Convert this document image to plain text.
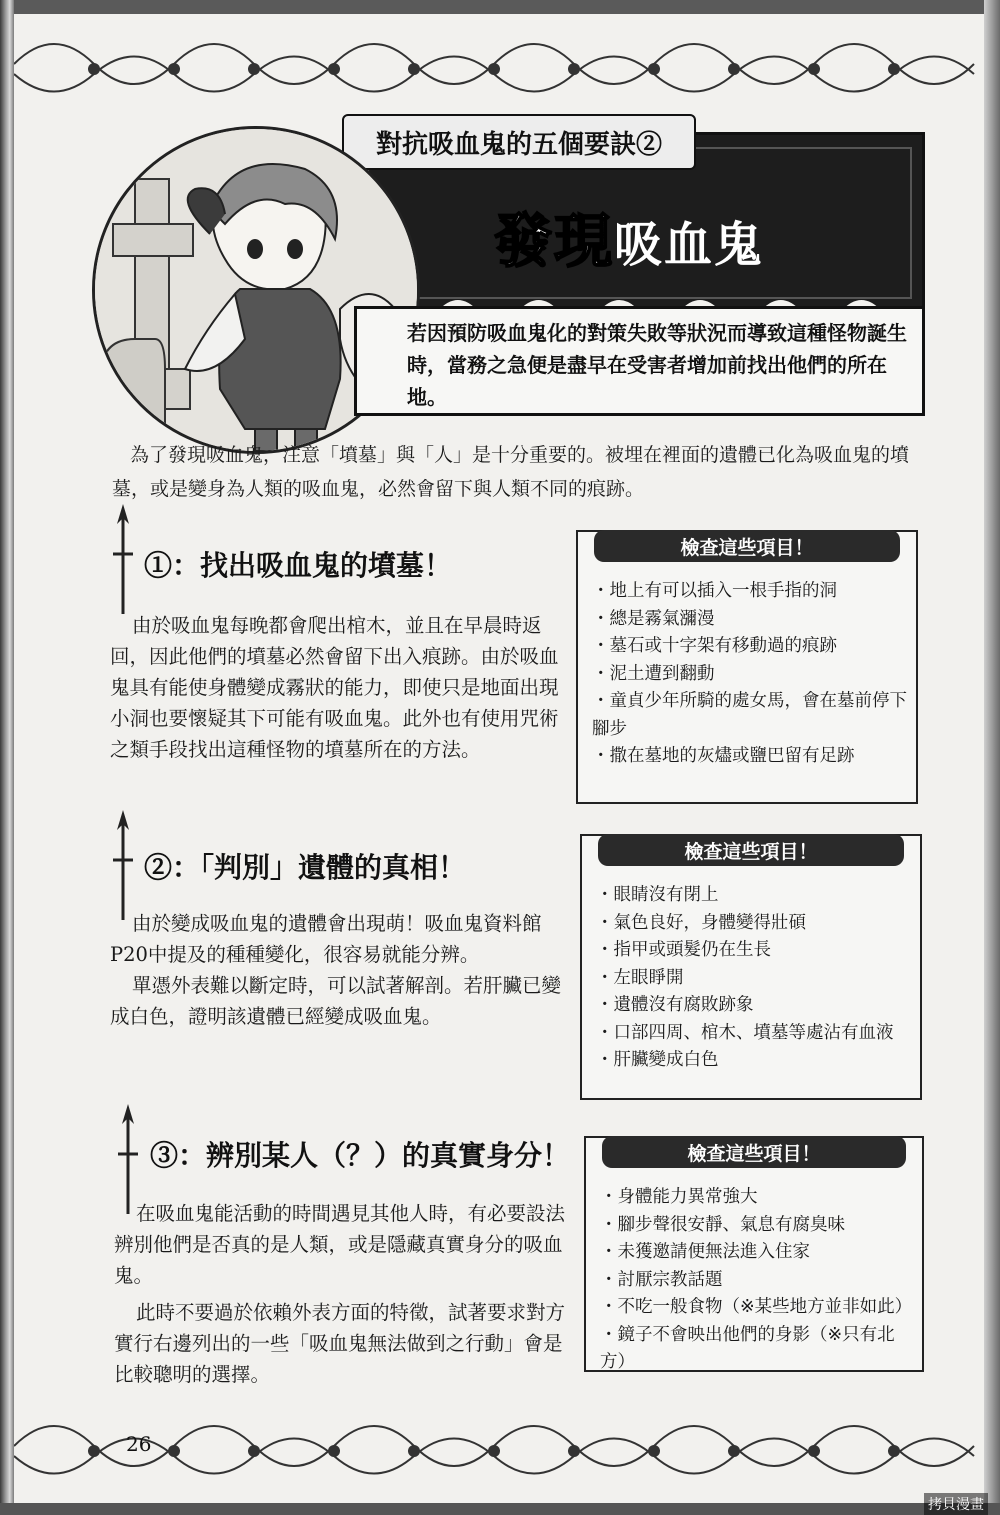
對抗吸血鬼的五個要訣②
發現吸血鬼

若因預防吸血鬼化的對策失敗等狀況而導致這種怪物誕生時，當務之急便是盡早在受害者增加前找出他們的所在地。

為了發現吸血鬼，注意「墳墓」與「人」是十分重要的。被埋在裡面的遺體已化為吸血鬼的墳墓，或是變身為人類的吸血鬼，必然會留下與人類不同的痕跡。

①：找出吸血鬼的墳墓！

由於吸血鬼每晚都會爬出棺木，並且在早晨時返回，因此他們的墳墓必然會留下出入痕跡。由於吸血鬼具有能使身體變成霧狀的能力，即使只是地面出現小洞也要懷疑其下可能有吸血鬼。此外也有使用咒術之類手段找出這種怪物的墳墓所在的方法。

檢查這些項目！
・地上有可以插入一根手指的洞
・總是霧氣瀰漫
・墓石或十字架有移動過的痕跡
・泥土遭到翻動
・童貞少年所騎的處女馬，會在墓前停下腳步
・撒在墓地的灰燼或鹽巴留有足跡
②：「判別」遺體的真相！

由於變成吸血鬼的遺體會出現萌！吸血鬼資料館P20中提及的種種變化，很容易就能分辨。

單憑外表難以斷定時，可以試著解剖。若肝臟已變成白色，證明該遺體已經變成吸血鬼。

檢查這些項目！
・眼睛沒有閉上
・氣色良好，身體變得壯碩
・指甲或頭髮仍在生長
・左眼睜開
・遺體沒有腐敗跡象
・口部四周、棺木、墳墓等處沾有血液
・肝臟變成白色
③：辨別某人（？）的真實身分！

在吸血鬼能活動的時間遇見其他人時，有必要設法辨別他們是否真的是人類，或是隱藏真實身分的吸血鬼。

此時不要過於依賴外表方面的特徵，試著要求對方實行右邊列出的一些「吸血鬼無法做到之行動」會是比較聰明的選擇。

檢查這些項目！
・身體能力異常強大
・腳步聲很安靜、氣息有腐臭味
・未獲邀請便無法進入住家
・討厭宗教話題
・不吃一般食物（※某些地方並非如此）
・鏡子不會映出他們的身影（※只有北方）
26
拷貝漫畫
